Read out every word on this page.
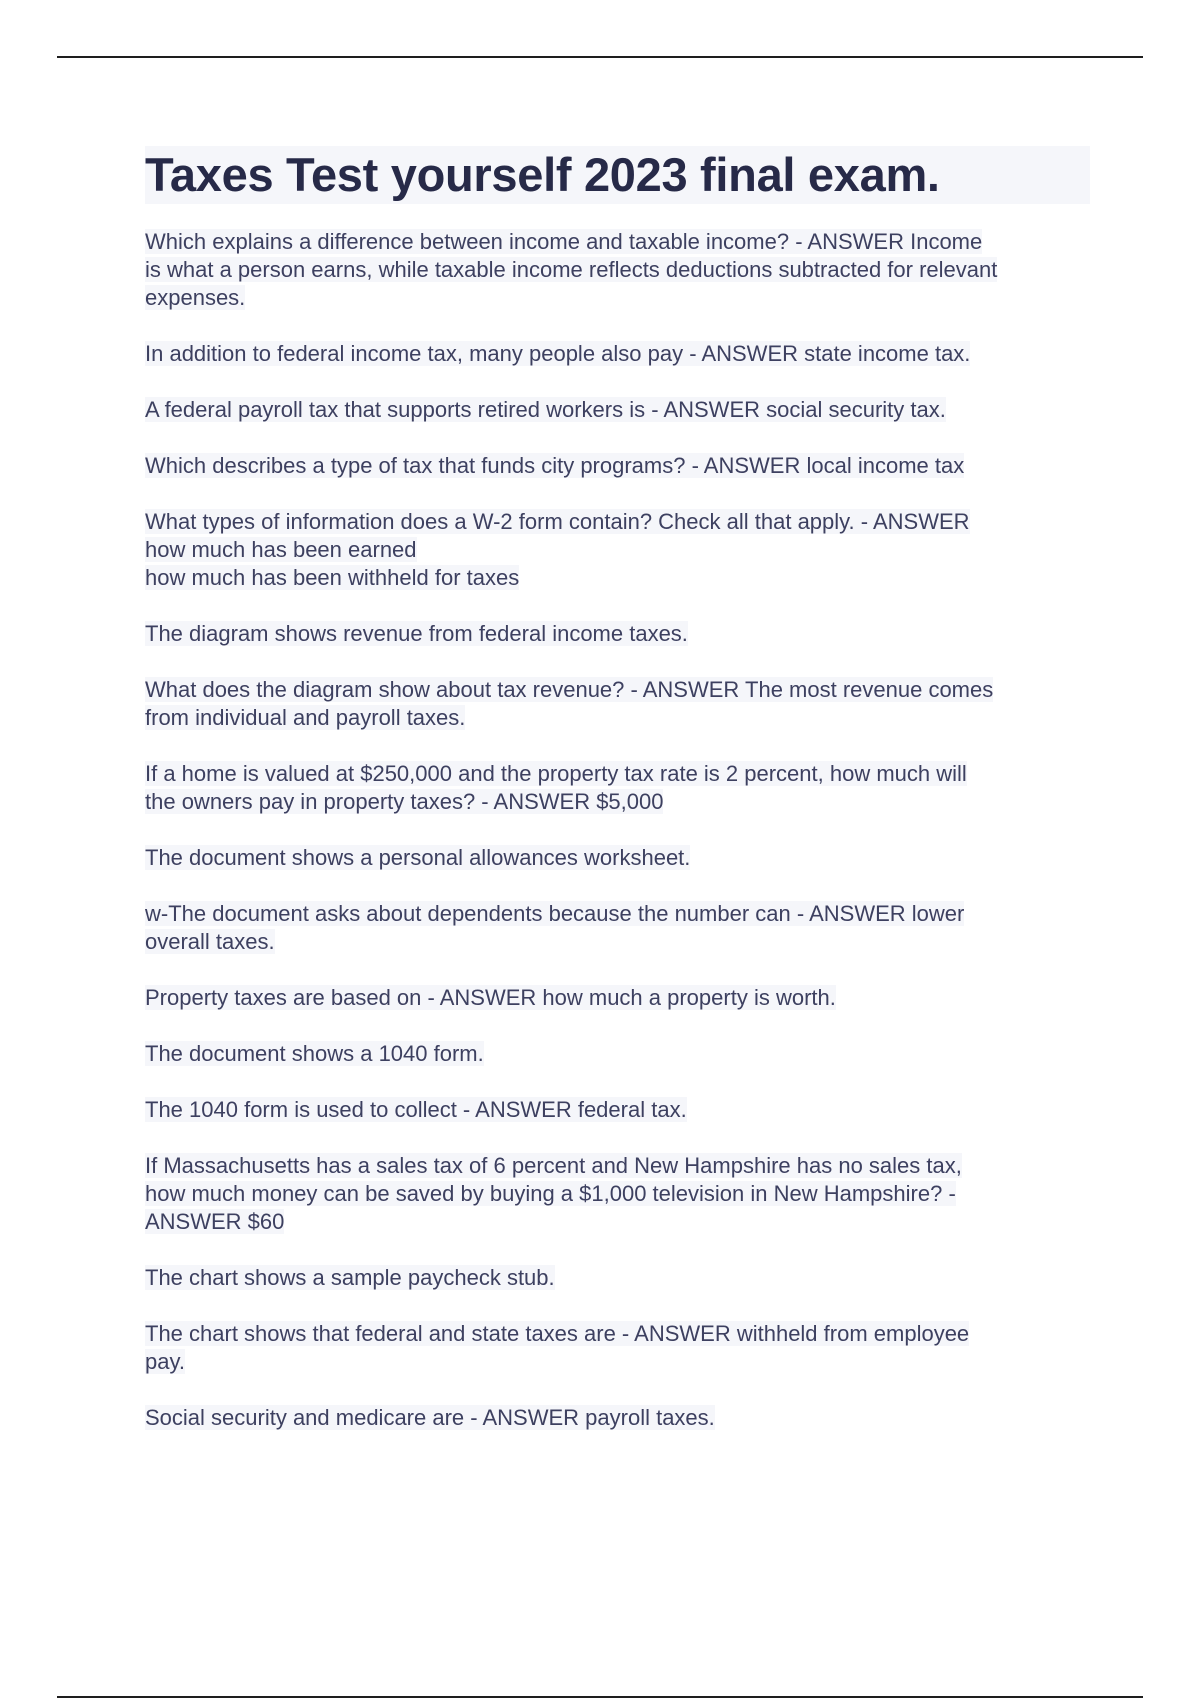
Taxes Test yourself 2023 final exam.
Which explains a difference between income and taxable income? - ANSWER Income
is what a person earns, while taxable income reflects deductions subtracted for relevant
expenses.
In addition to federal income tax, many people also pay - ANSWER state income tax.
A federal payroll tax that supports retired workers is - ANSWER social security tax.
Which describes a type of tax that funds city programs? - ANSWER local income tax
What types of information does a W-2 form contain? Check all that apply. - ANSWER
how much has been earned
how much has been withheld for taxes
The diagram shows revenue from federal income taxes.
What does the diagram show about tax revenue? - ANSWER The most revenue comes
from individual and payroll taxes.
If a home is valued at $250,000 and the property tax rate is 2 percent, how much will
the owners pay in property taxes? - ANSWER $5,000
The document shows a personal allowances worksheet.
w-The document asks about dependents because the number can - ANSWER lower
overall taxes.
Property taxes are based on - ANSWER how much a property is worth.
The document shows a 1040 form.
The 1040 form is used to collect - ANSWER federal tax.
If Massachusetts has a sales tax of 6 percent and New Hampshire has no sales tax,
how much money can be saved by buying a $1,000 television in New Hampshire? -
ANSWER $60
The chart shows a sample paycheck stub.
The chart shows that federal and state taxes are - ANSWER withheld from employee
pay.
Social security and medicare are - ANSWER payroll taxes.
